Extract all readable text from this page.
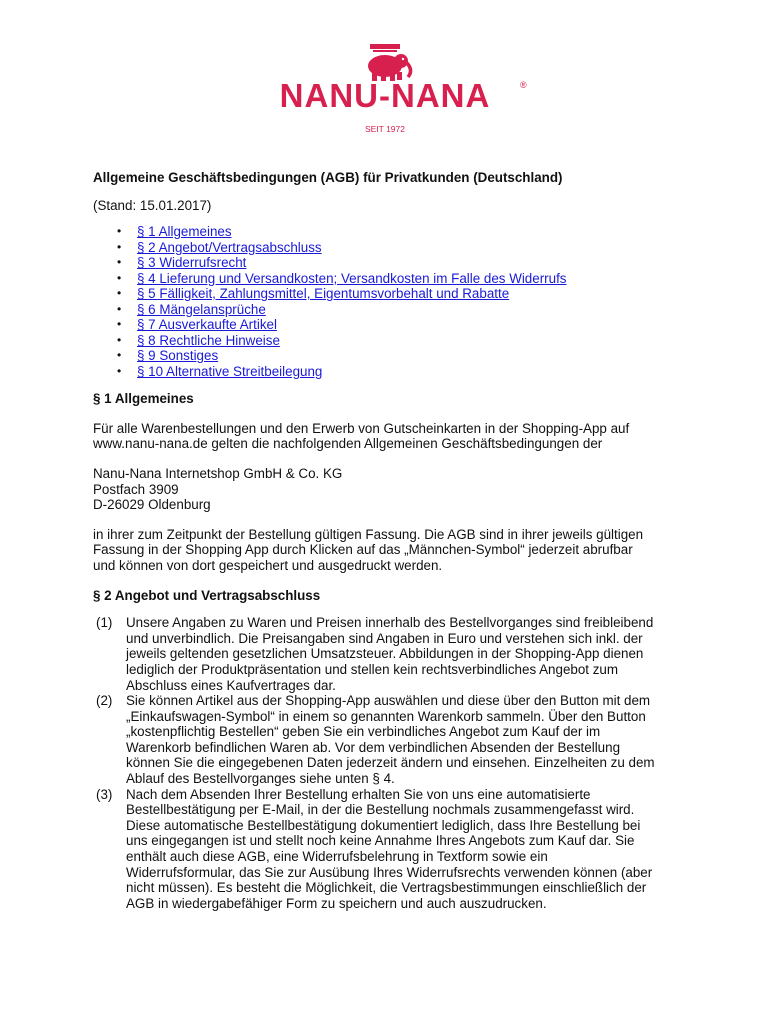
NANU-NANA	®
SEIT 1972

Allgemeine Geschäftsbedingungen (AGB) für Privatkunden (Deutschland)

(Stand: 15.01.2017)

• § 1 Allgemeines
• § 2 Angebot/Vertragsabschluss
• § 3 Widerrufsrecht
• § 4 Lieferung und Versandkosten; Versandkosten im Falle des Widerrufs
• § 5 Fälligkeit, Zahlungsmittel, Eigentumsvorbehalt und Rabatte
• § 6 Mängelansprüche
• § 7 Ausverkaufte Artikel
• § 8 Rechtliche Hinweise
• § 9 Sonstiges
• § 10 Alternative Streitbeilegung

§ 1 Allgemeines

Für alle Warenbestellungen und den Erwerb von Gutscheinkarten in der Shopping-App auf

www.nanu-nana.de gelten die nachfolgenden Allgemeinen Geschäftsbedingungen der

Nanu-Nana Internetshop GmbH & Co. KG

Postfach 3909

D-26029 Oldenburg

in ihrer zum Zeitpunkt der Bestellung gültigen Fassung. Die AGB sind in ihrer jeweils gültigen

Fassung in der Shopping App durch Klicken auf das „Männchen-Symbol“ jederzeit abrufbar

und können von dort gespeichert und ausgedruckt werden.

§ 2 Angebot und Vertragsabschluss

(1) Unsere Angaben zu Waren und Preisen innerhalb des Bestellvorganges sind freibleibend
und unverbindlich. Die Preisangaben sind Angaben in Euro und verstehen sich inkl. der
jeweils geltenden gesetzlichen Umsatzsteuer. Abbildungen in der Shopping-App dienen
lediglich der Produktpräsentation und stellen kein rechtsverbindliches Angebot zum
Abschluss eines Kaufvertrages dar.
(2) Sie können Artikel aus der Shopping-App auswählen und diese über den Button mit dem
„Einkaufswagen-Symbol“ in einem so genannten Warenkorb sammeln. Über den Button
„kostenpflichtig Bestellen“ geben Sie ein verbindliches Angebot zum Kauf der im
Warenkorb befindlichen Waren ab. Vor dem verbindlichen Absenden der Bestellung
können Sie die eingegebenen Daten jederzeit ändern und einsehen. Einzelheiten zu dem
Ablauf des Bestellvorganges siehe unten § 4.
(3) Nach dem Absenden Ihrer Bestellung erhalten Sie von uns eine automatisierte
Bestellbestätigung per E-Mail, in der die Bestellung nochmals zusammengefasst wird.
Diese automatische Bestellbestätigung dokumentiert lediglich, dass Ihre Bestellung bei
uns eingegangen ist und stellt noch keine Annahme Ihres Angebots zum Kauf dar. Sie
enthält auch diese AGB, eine Widerrufsbelehrung in Textform sowie ein
Widerrufsformular, das Sie zur Ausübung Ihres Widerrufsrechts verwenden können (aber
nicht müssen). Es besteht die Möglichkeit, die Vertragsbestimmungen einschließlich der
AGB in wiedergabefähiger Form zu speichern und auch auszudrucken.
